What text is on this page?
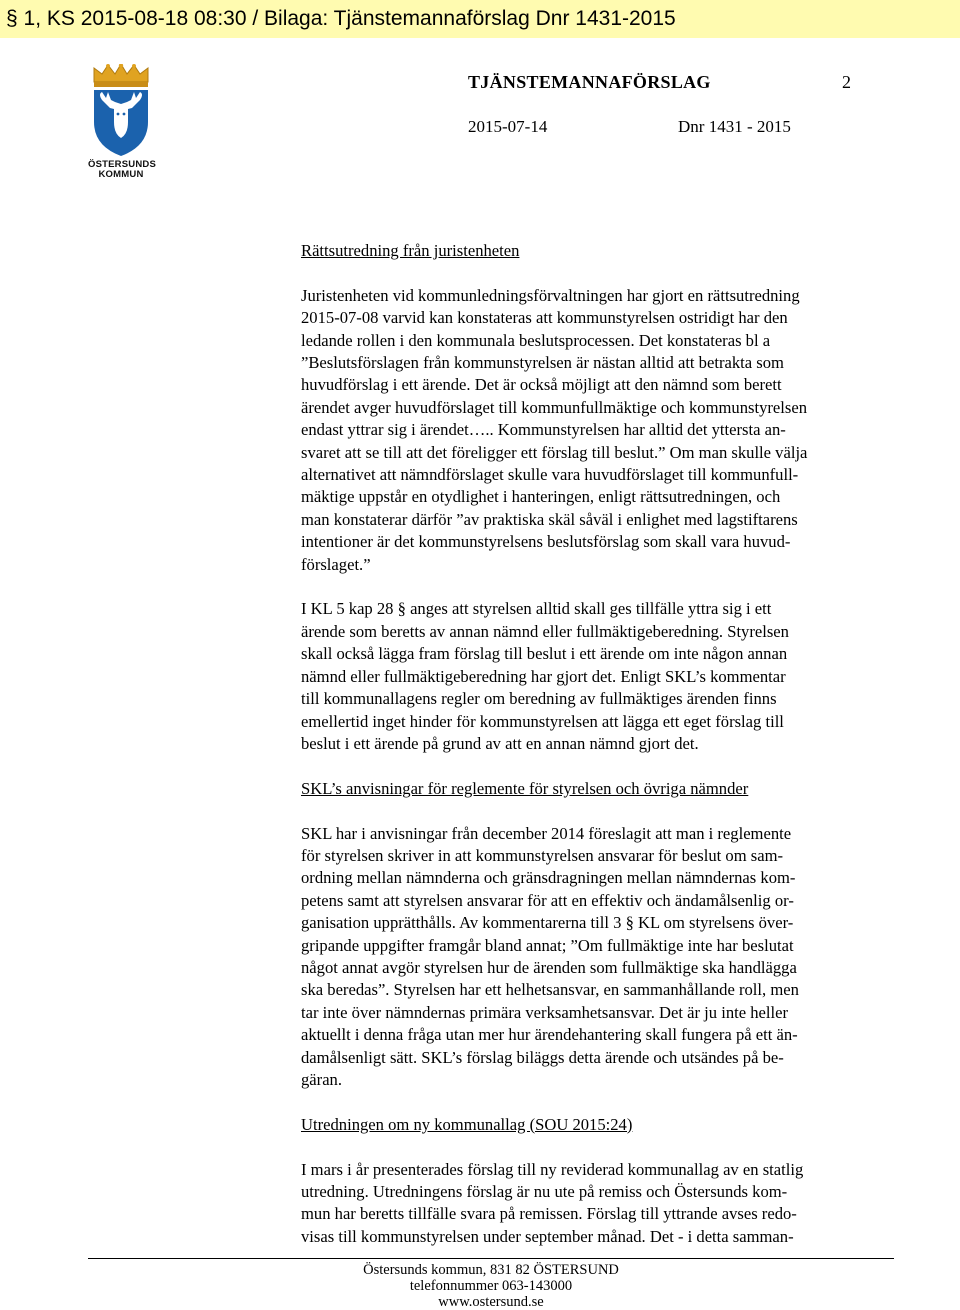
§ 1, KS 2015-08-18 08:30 / Bilaga: Tjänstemannaförslag Dnr 1431-2015
ÖSTERSUNDS
KOMMUN
TJÄNSTEMANNAFÖRSLAG	2
2015-07-14	Dnr 1431 - 2015
Rättsutredning från juristenheten
Juristenheten vid kommunledningsförvaltningen har gjort en rättsutredning
2015-07-08 varvid kan konstateras att kommunstyrelsen ostridigt har den
ledande rollen i den kommunala beslutsprocessen. Det konstateras bl a
”Beslutsförslagen från kommunstyrelsen är nästan alltid att betrakta som
huvudförslag i ett ärende. Det är också möjligt att den nämnd som berett
ärendet avger huvudförslaget till kommunfullmäktige och kommunstyrelsen
endast yttrar sig i ärendet….. Kommunstyrelsen har alltid det yttersta an-
svaret att se till att det föreligger ett förslag till beslut.” Om man skulle välja
alternativet att nämndförslaget skulle vara huvudförslaget till kommunfull-
mäktige uppstår en otydlighet i hanteringen, enligt rättsutredningen, och
man konstaterar därför ”av praktiska skäl såväl i enlighet med lagstiftarens
intentioner är det kommunstyrelsens beslutsförslag som skall vara huvud-
förslaget.”
I KL 5 kap 28 § anges att styrelsen alltid skall ges tillfälle yttra sig i ett
ärende som beretts av annan nämnd eller fullmäktigeberedning. Styrelsen
skall också lägga fram förslag till beslut i ett ärende om inte någon annan
nämnd eller fullmäktigeberedning har gjort det. Enligt SKL’s kommentar
till kommunallagens regler om beredning av fullmäktiges ärenden finns
emellertid inget hinder för kommunstyrelsen att lägga ett eget förslag till
beslut i ett ärende på grund av att en annan nämnd gjort det.
SKL’s anvisningar för reglemente för styrelsen och övriga nämnder
SKL har i anvisningar från december 2014 föreslagit att man i reglemente
för styrelsen skriver in att kommunstyrelsen ansvarar för beslut om sam-
ordning mellan nämnderna och gränsdragningen mellan nämndernas kom-
petens samt att styrelsen ansvarar för att en effektiv och ändamålsenlig or-
ganisation upprätthålls. Av kommentarerna till 3 § KL om styrelsens över-
gripande uppgifter framgår bland annat; ”Om fullmäktige inte har beslutat
något annat avgör styrelsen hur de ärenden som fullmäktige ska handlägga
ska beredas”. Styrelsen har ett helhetsansvar, en sammanhållande roll, men
tar inte över nämndernas primära verksamhetsansvar. Det är ju inte heller
aktuellt i denna fråga utan mer hur ärendehantering skall fungera på ett än-
damålsenligt sätt. SKL’s förslag biläggs detta ärende och utsändes på be-
gäran.
Utredningen om ny kommunallag (SOU 2015:24)
I mars i år presenterades förslag till ny reviderad kommunallag av en statlig
utredning. Utredningens förslag är nu ute på remiss och Östersunds kom-
mun har beretts tillfälle svara på remissen. Förslag till yttrande avses redo-
visas till kommunstyrelsen under september månad. Det - i detta samman-
Östersunds kommun, 831 82 ÖSTERSUND
telefonnummer 063-143000
www.ostersund.se
